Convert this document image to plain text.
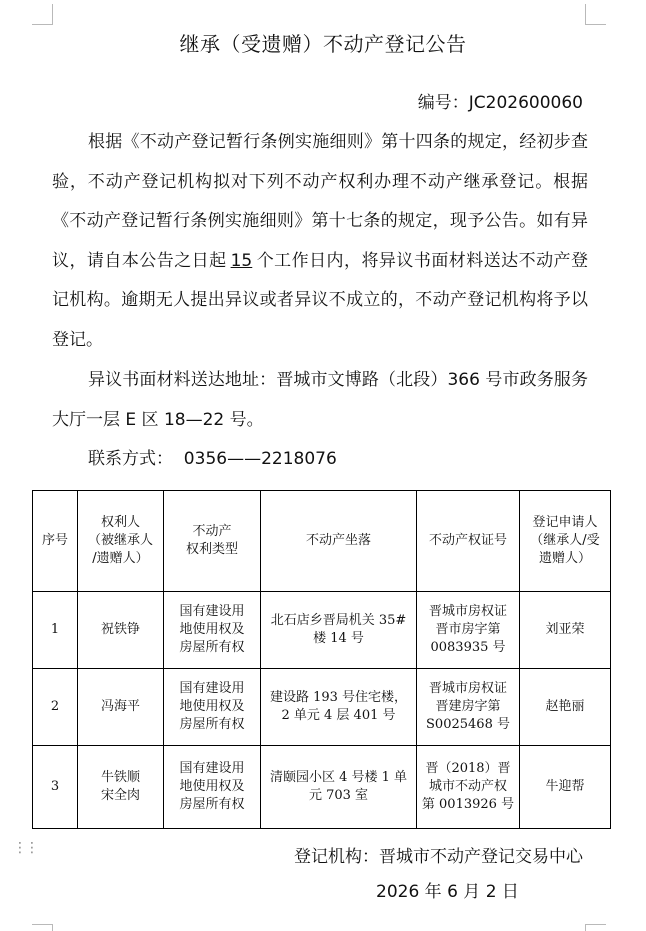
继承（受遗赠）不动产登记公告
编号：JC202600060

根据《不动产登记暂行条例实施细则》第十四条的规定，经初步查验，不动产登记机构拟对下列不动产权利办理不动产继承登记。根据《不动产登记暂行条例实施细则》第十七条的规定，现予公告。如有异议，请自本公告之日起 15 个工作日内，将异议书面材料送达不动产登记机构。逾期无人提出异议或者异议不成立的，不动产登记机构将予以登记。

异议书面材料送达地址：晋城市文博路（北段）366 号市政务服务大厅一层 E 区 18—22 号。

联系方式：  0356——2218076

序号	权利人
（被继承人
/遗赠人）	不动产
权利类型	不动产坐落	不动产权证号	登记申请人
（继承人/受
遗赠人）
1	祝铁铮	国有建设用
地使用权及
房屋所有权	北石店乡晋局机关 35#
楼 14 号	晋城市房权证
晋市房字第
0083935 号	刘亚荣
2	冯海平	国有建设用
地使用权及
房屋所有权	建设路 193 号住宅楼，
2 单元 4 层 401 号	晋城市房权证
晋建房字第
S0025468 号	赵艳丽
3	牛铁顺
宋全肉	国有建设用
地使用权及
房屋所有权	清颐园小区 4 号楼 1 单
元 703 室	晋（2018）晋
城市不动产权
第 0013926 号	牛迎帮
⋮⋮	登记机构：晋城市不动产登记交易中心
2026 年 6 月 2 日
